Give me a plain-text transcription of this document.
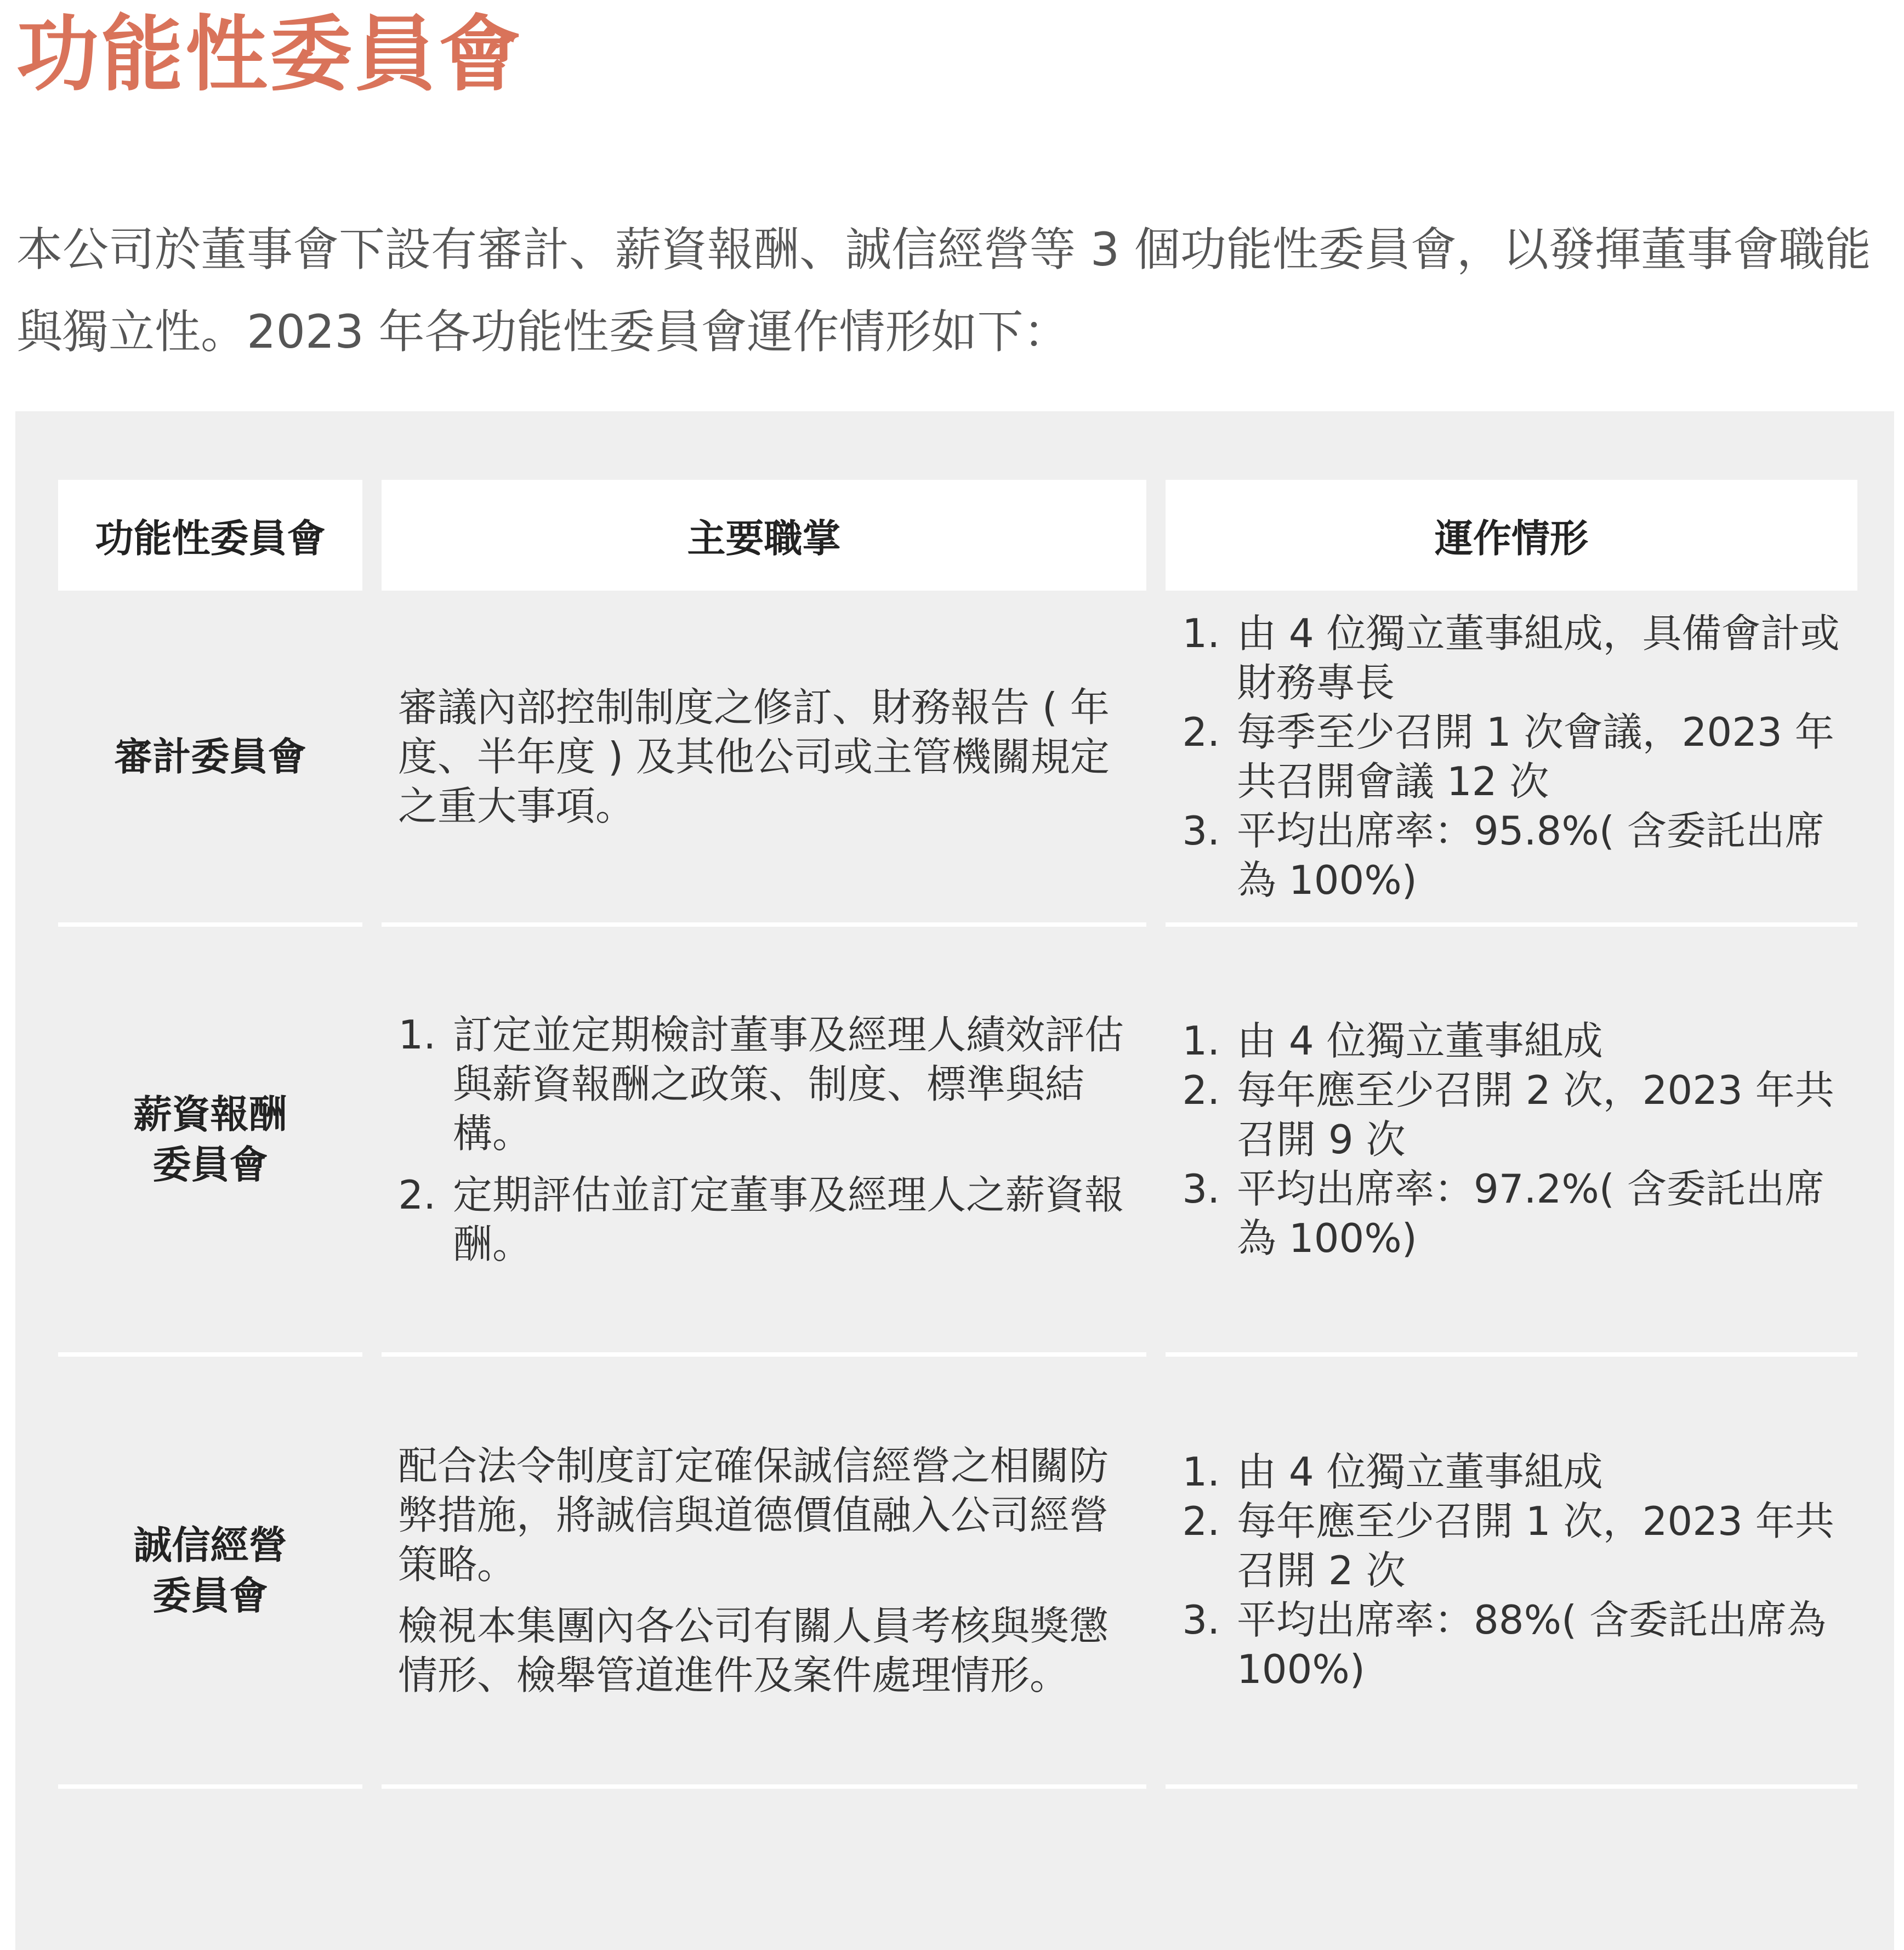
功能性委員會

本公司於董事會下設有審計、薪資報酬、誠信經營等 3 個功能性委員會，以發揮董事會職能與獨立性。2023 年各功能性委員會運作情形如下：

功能性委員會	主要職掌	運作情形
審計委員會
審議內部控制制度之修訂、財務報告 ( 年度、半年度 ) 及其他公司或主管機關規定之重大事項。
1. 由 4 位獨立董事組成，具備會計或財務專長
2. 每季至少召開 1 次會議，2023 年共召開會議 12 次
3. 平均出席率：95.8%( 含委託出席為 100%)
薪資報酬
委員會
1. 訂定並定期檢討董事及經理人績效評估與薪資報酬之政策、制度、標準與結構。
2. 定期評估並訂定董事及經理人之薪資報酬。
1. 由 4 位獨立董事組成
2. 每年應至少召開 2 次，2023 年共召開 9 次
3. 平均出席率：97.2%( 含委託出席為 100%)
誠信經營
委員會
配合法令制度訂定確保誠信經營之相關防弊措施，將誠信與道德價值融入公司經營策略。
檢視本集團內各公司有關人員考核與獎懲情形、檢舉管道進件及案件處理情形。
1. 由 4 位獨立董事組成
2. 每年應至少召開 1 次，2023 年共召開 2 次
3. 平均出席率：88%( 含委託出席為 100%)
